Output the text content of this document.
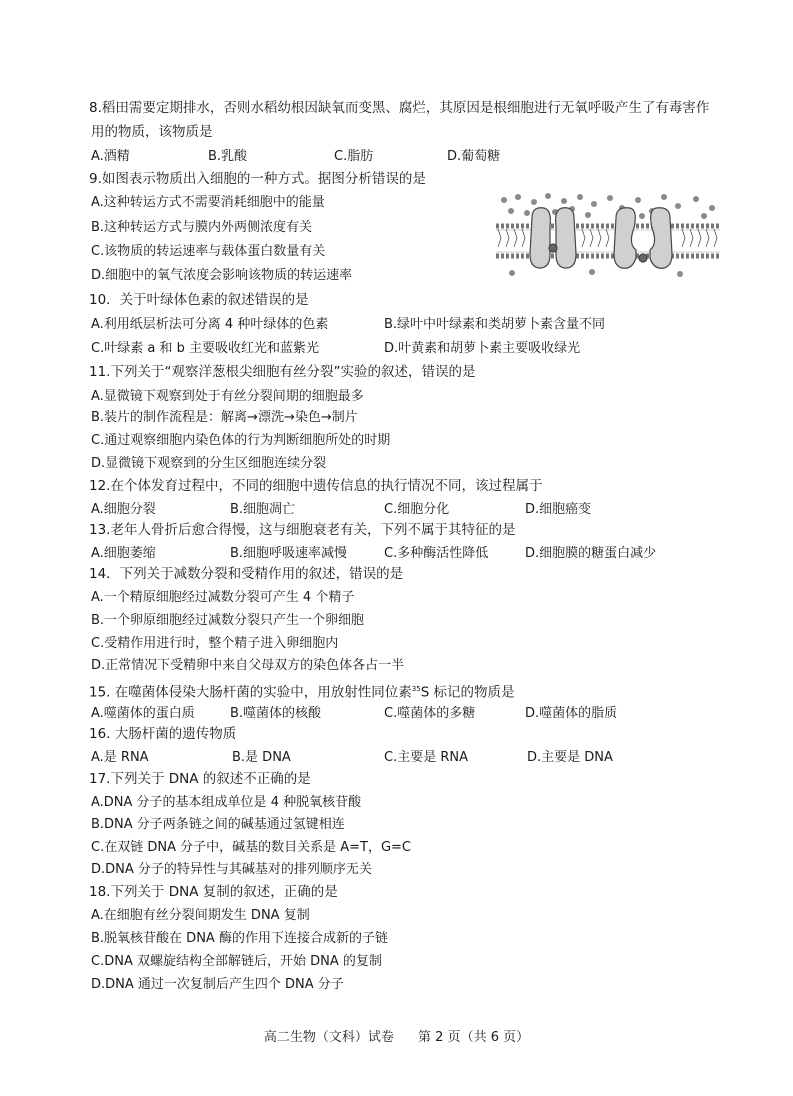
8.稻田需要定期排水，否则水稻幼根因缺氧而变黑、腐烂，其原因是根细胞进行无氧呼吸产生了有毒害作
用的物质，该物质是
A.酒精	B.乳酸	C.脂肪	D.葡萄糖
9.如图表示物质出入细胞的一种方式。据图分析错误的是
A.这种转运方式不需要消耗细胞中的能量
B.这种转运方式与膜内外两侧浓度有关
C.该物质的转运速率与载体蛋白数量有关
D.细胞中的氧气浓度会影响该物质的转运速率
10．关于叶绿体色素的叙述错误的是
A.利用纸层析法可分离 4 种叶绿体的色素	B.绿叶中叶绿素和类胡萝卜素含量不同
C.叶绿素 a 和 b 主要吸收红光和蓝紫光	D.叶黄素和胡萝卜素主要吸收绿光
11.下列关于“观察洋葱根尖细胞有丝分裂”实验的叙述，错误的是
A.显微镜下观察到处于有丝分裂间期的细胞最多
B.装片的制作流程是：解离→漂洗→染色→制片
C.通过观察细胞内染色体的行为判断细胞所处的时期
D.显微镜下观察到的分生区细胞连续分裂
12.在个体发育过程中，不同的细胞中遗传信息的执行情况不同，该过程属于
A.细胞分裂	B.细胞凋亡	C.细胞分化	D.细胞癌变
13.老年人骨折后愈合得慢，这与细胞衰老有关，下列不属于其特征的是
A.细胞萎缩	B.细胞呼吸速率减慢	C.多种酶活性降低	D.细胞膜的糖蛋白减少
14．下列关于减数分裂和受精作用的叙述，错误的是
A.一个精原细胞经过减数分裂可产生 4 个精子
B.一个卵原细胞经过减数分裂只产生一个卵细胞
C.受精作用进行时，整个精子进入卵细胞内
D.正常情况下受精卵中来自父母双方的染色体各占一半
15. 在噬菌体侵染大肠杆菌的实验中，用放射性同位素$^{35}$S 标记的物质是
A.噬菌体的蛋白质	B.噬菌体的核酸	C.噬菌体的多糖	D.噬菌体的脂质
16. 大肠杆菌的遗传物质
A.是 RNA	B.是 DNA	C.主要是 RNA	D.主要是 DNA
17.下列关于 DNA 的叙述不正确的是
A.DNA 分子的基本组成单位是 4 种脱氧核苷酸
B.DNA 分子两条链之间的碱基通过氢键相连
C.在双链 DNA 分子中，碱基的数目关系是 A=T，G=C
D.DNA 分子的特异性与其碱基对的排列顺序无关
18.下列关于 DNA 复制的叙述，正确的是
A.在细胞有丝分裂间期发生 DNA 复制
B.脱氧核苷酸在 DNA 酶的作用下连接合成新的子链
C.DNA 双螺旋结构全部解链后，开始 DNA 的复制
D.DNA 通过一次复制后产生四个 DNA 分子
高二生物（文科）试卷 第 2 页（共 6 页）
